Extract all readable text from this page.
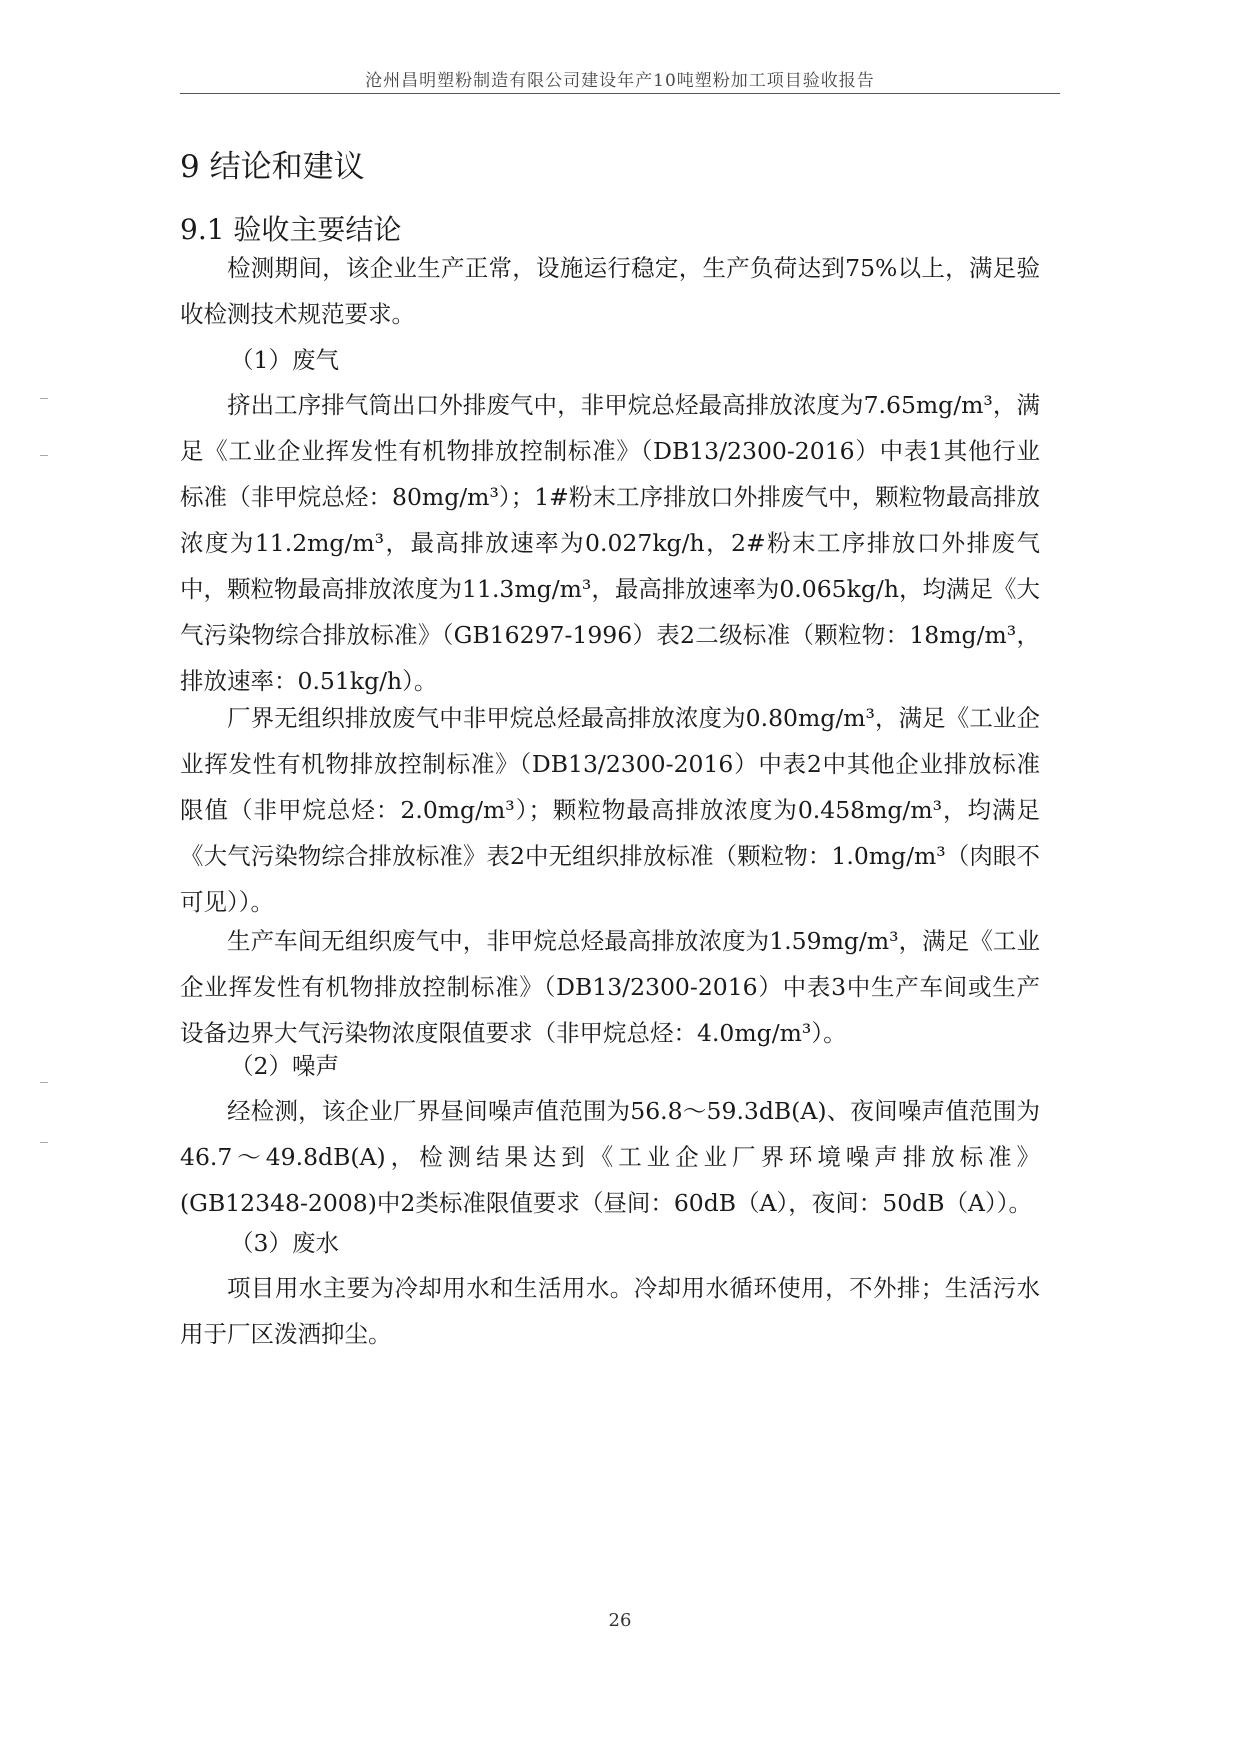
沧州昌明塑粉制造有限公司建设年产10吨塑粉加工项目验收报告
9 结论和建议
9.1 验收主要结论

检测期间，该企业生产正常，设施运行稳定，生产负荷达到75%以上，满足验收检测技术规范要求。

（1）废气

挤出工序排气筒出口外排废气中，非甲烷总烃最高排放浓度为7.65mg/m³，满足《工业企业挥发性有机物排放控制标准》（DB13/2300-2016）中表1其他行业标准（非甲烷总烃：80mg/m³）；1#粉末工序排放口外排废气中，颗粒物最高排放浓度为11.2mg/m³，最高排放速率为0.027kg/h，2#粉末工序排放口外排废气中，颗粒物最高排放浓度为11.3mg/m³，最高排放速率为0.065kg/h，均满足《大气污染物综合排放标准》（GB16297-1996）表2二级标准（颗粒物：18mg/m³，排放速率：0.51kg/h）。

厂界无组织排放废气中非甲烷总烃最高排放浓度为0.80mg/m³，满足《工业企业挥发性有机物排放控制标准》（DB13/2300-2016）中表2中其他企业排放标准限值（非甲烷总烃：2.0mg/m³）；颗粒物最高排放浓度为0.458mg/m³，均满足《大气污染物综合排放标准》表2中无组织排放标准（颗粒物：1.0mg/m³（肉眼不可见））。

生产车间无组织废气中，非甲烷总烃最高排放浓度为1.59mg/m³，满足《工业企业挥发性有机物排放控制标准》（DB13/2300-2016）中表3中生产车间或生产设备边界大气污染物浓度限值要求（非甲烷总烃：4.0mg/m³）。

（2）噪声

经检测，该企业厂界昼间噪声值范围为56.8～59.3dB(A)、夜间噪声值范围为46.7～49.8dB(A)，检测结果达到《工业企业厂界环境噪声排放标准》(GB12348-2008)中2类标准限值要求（昼间：60dB（A），夜间：50dB（A））。

（3）废水

项目用水主要为冷却用水和生活用水。冷却用水循环使用，不外排；生活污水用于厂区泼洒抑尘。

26
